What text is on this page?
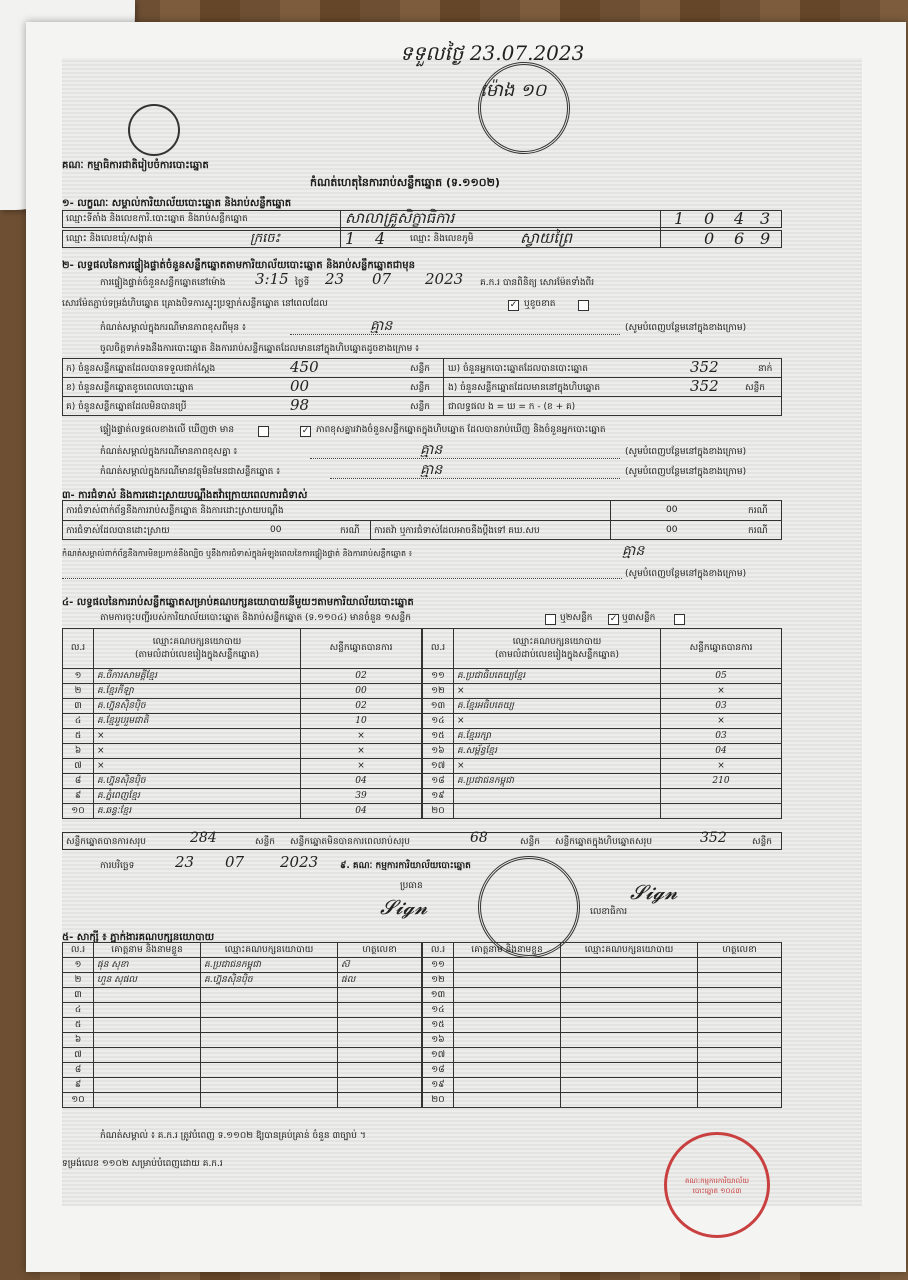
ទទួលថ្ងៃ 23.07.2023
ម៉ោង ១០
គណៈ កម្មាធិការជាតិរៀបចំការបោះឆ្នោត
កំណត់ហេតុនៃការរាប់សន្លឹកឆ្នោត (ទ.១១០២)
១- លក្ខណៈ សម្គាល់ការិយាល័យបោះឆ្នោត និងរាប់សន្លឹកឆ្នោត
ឈ្មោះទីតាំង និងលេខការិ.បោះឆ្នោត និងរាប់សន្លឹកឆ្នោត	សាលាគ្រូសិក្ខាធិការ	1 0 4 3
ឈ្មោះ និងលេខឃុំ/សង្កាត់	ក្រចេះ	1 4	ឈ្មោះ និងលេខភូមិ	ស្វាយព្រៃ	0 6 9
២- លទ្ធផលនៃការផ្ទៀងផ្ទាត់ចំនួនសន្លឹកឆ្នោតតាមការិយាល័យបោះឆ្នោត និងរាប់សន្លឹកឆ្នោតជាមុន
ការផ្ទៀងផ្ទាត់ចំនួនសន្លឹកឆ្នោតនៅម៉ោង 3:15 ថ្ងៃទី 23 07 2023 គ.ក.រ បានពិនិត្យ សោរម៉ែតទាំងពីរ
សោរម៉ែតភ្ជាប់ទម្រង់ហិបឆ្នោត គ្រោងបិទការស្ទុះប្រឡាក់សន្លឹកឆ្នោត នៅពេលដែល	✓ ឬខូចខាត
កំណត់សម្គាល់ក្នុងករណីមានភាពខុសពីមុន ៖	គ្មាន	(សូមបំពេញបន្ថែមនៅក្នុងខាងក្រោម)
ចូលចិត្តទាក់ទងនឹងការបោះឆ្នោត និងការរាប់សន្លឹកឆ្នោតដែលមាននៅក្នុងហិបឆ្នោតដូចខាងក្រោម ៖
ក) ចំនួនសន្លឹកឆ្នោតដែលបានទទួលជាក់ស្តែង	450	សន្លឹក
ខ) ចំនួនសន្លឹកឆ្នោតខូចពេលបោះឆ្នោត	00	សន្លឹក
គ) ចំនួនសន្លឹកឆ្នោតដែលមិនបានប្រើ	98	សន្លឹក
ឃ) ចំនួនអ្នកបោះឆ្នោតដែលបានបោះឆ្នោត	352	នាក់
ង) ចំនួនសន្លឹកឆ្នោតដែលមាននៅក្នុងហិបឆ្នោត	352	សន្លឹក
ជាលទ្ធផល ង = ឃ = ក - (ខ + គ)
ផ្ទៀងផ្ទាត់លទ្ធផលខាងលើ ឃើញថា មាន	✓ ភាពខុសគ្នារវាងចំនួនសន្លឹកឆ្នោតក្នុងហិបឆ្នោត ដែលបានរាប់ឃើញ និងចំនួនអ្នកបោះឆ្នោត
កំណត់សម្គាល់ក្នុងករណីមានភាពខុសគ្នា ៖	គ្មាន	(សូមបំពេញបន្ថែមនៅក្នុងខាងក្រោម)
កំណត់សម្គាល់ក្នុងករណីមានវត្ថុមិនមែនជាសន្លឹកឆ្នោត ៖	គ្មាន	(សូមបំពេញបន្ថែមនៅក្នុងខាងក្រោម)
៣- ការជំទាស់ និងការដោះស្រាយបណ្តឹងតវ៉ាក្រោយពេលការជំទាស់
ការជំទាស់ពាក់ព័ន្ធនឹងការរាប់សន្លឹកឆ្នោត និងការដោះស្រាយបណ្តឹង	00	ករណី
ការជំទាស់ដែលបានដោះស្រាយ	00	ករណី ការតវ៉ា ឬការជំទាស់ដែលអាចនឹងប្តឹងទៅ គឃ.សប	00	ករណី
កំណត់សម្គាល់ពាក់ព័ន្ធនឹងការមិនប្រកាន់នឹងល្បិច ឬនឹងការជំទាស់ក្នុងអំឡុងពេលនៃការផ្ទៀងផ្ទាត់ និងការរាប់សន្លឹកឆ្នោត ៖	គ្មាន
(សូមបំពេញបន្ថែមនៅក្នុងខាងក្រោម)
៤- លទ្ធផលនៃការរាប់សន្លឹកឆ្នោតសម្រាប់គណបក្សនយោបាយនីមួយៗតាមការិយាល័យបោះឆ្នោត
តាមការចុះបញ្ជីរបស់ការិយាល័យបោះឆ្នោត និងរាប់សន្លឹកឆ្នោត (ទ.១១០៤) មានចំនួន ១សន្លឹក	ឬ២សន្លឹក ✓ ឬ៣សន្លឹក
ល.រ	ឈ្មោះគណបក្សនយោបាយ
(តាមលំដាប់លេខរៀងក្នុងសន្លឹកឆ្នោត)	សន្លឹកឆ្នោតបានការ
១	គ.ចីការសាមគ្គីខ្មែរ	02
២	គ.ខ្មែរកីឡា	00
៣	គ.ហ្វ៊ុនស៊ិនប៉ិច	02
៤	គ.ខ្មែររួបរួមជាតិ	10
៥	×	×
៦	×	×
៧	×	×
៨	គ.ហ្វ៊ុនស៊ិនប៉ិច	04
៩	គ.ភ្នំពេញខ្មែរ	39
១០	គ.ឆន្ទៈខ្មែរ	04
ល.រ	ឈ្មោះគណបក្សនយោបាយ
(តាមលំដាប់លេខរៀងក្នុងសន្លឹកឆ្នោត)	សន្លឹកឆ្នោតបានការ
១១	គ.ប្រជាធិបតេយ្យខ្មែរ	05
១២	×	×
១៣	គ.ខ្មែរអធិបតេយ្យ	03
១៤	×	×
១៥	គ.ខ្មែររក្សា	03
១៦	គ.សម្ព័ន្ធខ្មែរ	04
១៧	×	×
១៨	គ.ប្រជាជនកម្ពុជា	210
១៩		
២០		
សន្លឹកឆ្នោតបានការសរុប	284	សន្លឹក សន្លឹកឆ្នោតមិនបានការពេលរាប់សរុប	68	សន្លឹក សន្លឹកឆ្នោតក្នុងហិបឆ្នោតសរុប	352	សន្លឹក
ការបរិច្ឆេទ	23 07 2023 ៩. គណៈ កម្មការការិយាល័យបោះឆ្នោត
ប្រធាន
លេខាធិការ
𝓢𝓲𝓰𝓷
𝓢𝓲𝓰𝓷
៥- សាក្សី ៖ ភ្នាក់ងារគណបក្សនយោបាយ
ល.រ	គោត្តនាម និងនាមខ្លួន	ឈ្មោះគណបក្សនយោបាយ	ហត្ថលេខា
១	ផុន សុខា	គ.ប្រជាជនកម្ពុជា	ស៊
២	ហួន សុផល	គ.ហ្វ៊ុនស៊ិនប៉ិច	ផល
៣			
៤			
៥			
៦			
៧			
៨			
៩			
១០			
ល.រ	គោត្តនាម និងនាមខ្លួន	ឈ្មោះគណបក្សនយោបាយ	ហត្ថលេខា
១១			
១២			
១៣			
១៤			
១៥			
១៦			
១៧			
១៨			
១៩			
២០			
កំណត់សម្គាល់ ៖ គ.ក.រ ត្រូវបំពេញ ទ.១១០២ ឱ្យបានគ្រប់គ្រាន់ ចំនួន ៣ច្បាប់ ។
ទម្រង់លេខ ១១០២ សម្រាប់បំពេញដោយ គ.ក.រ
គណៈកម្មការការិយាល័យបោះឆ្នោត ១០៤៣
